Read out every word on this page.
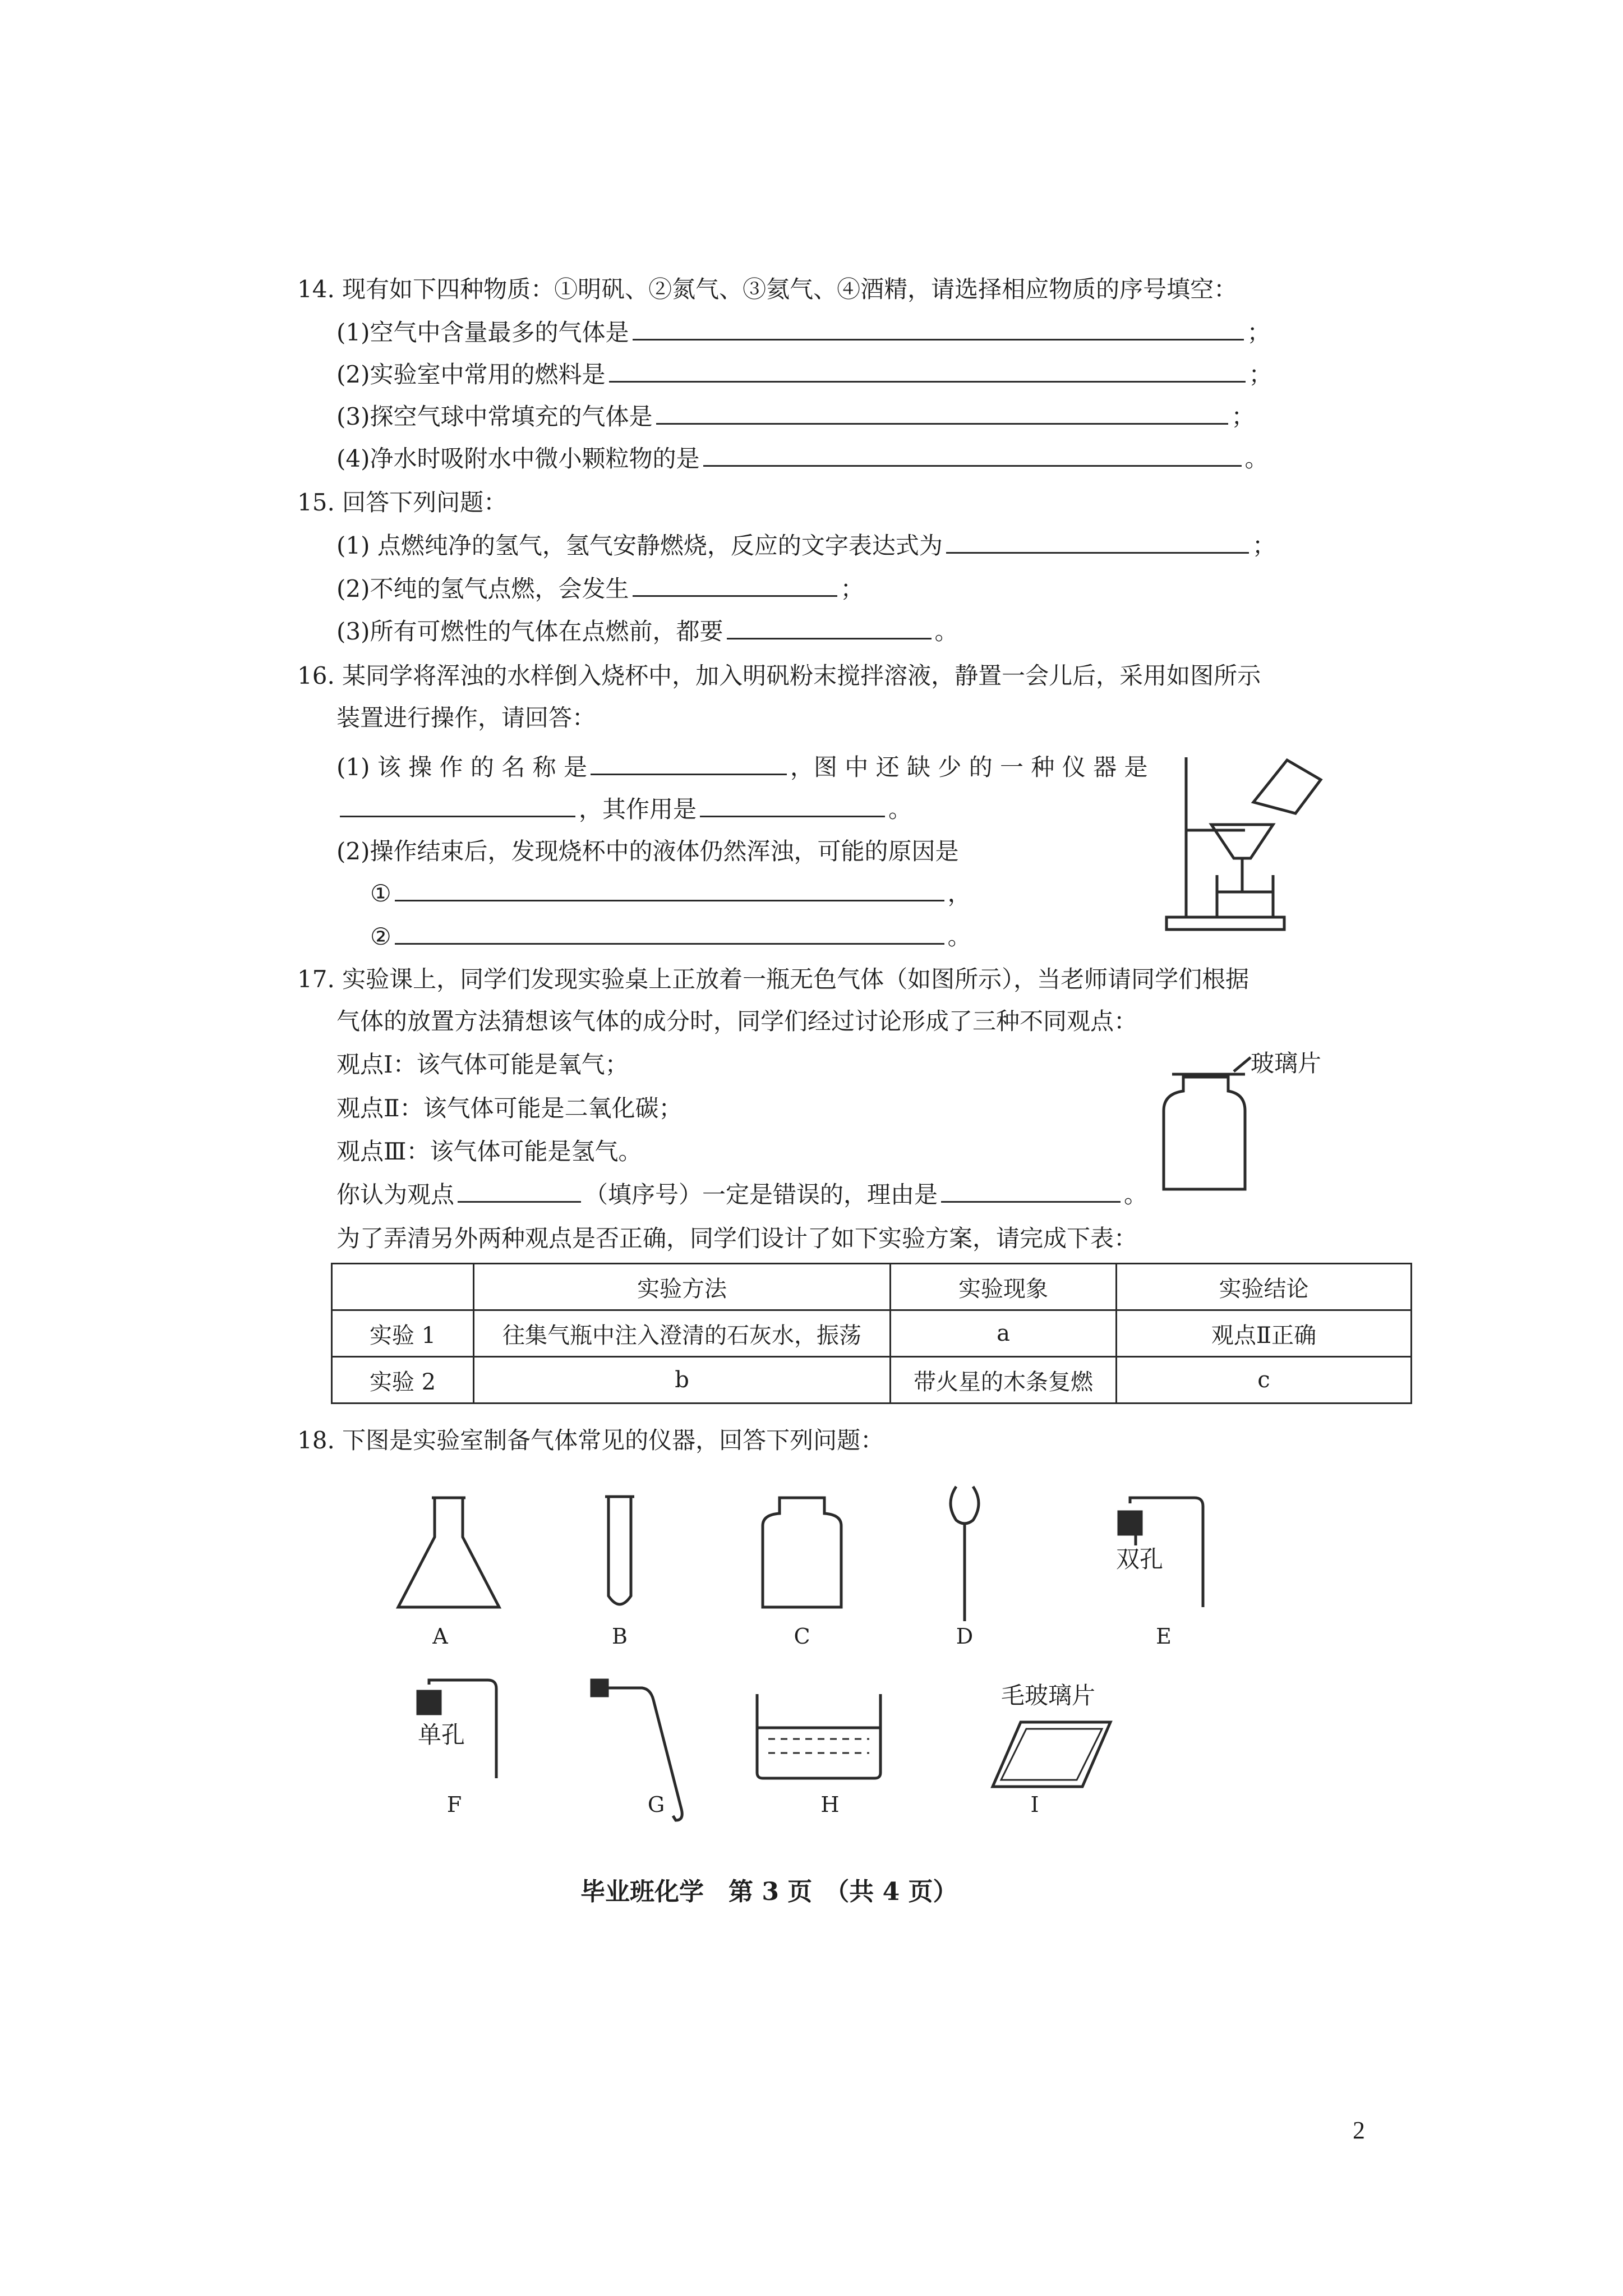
14. 现有如下四种物质：①明矾、②氮气、③氦气、④酒精，请选择相应物质的序号填空：
(1)空气中含量最多的气体是	；
(2)实验室中常用的燃料是	；
(3)探空气球中常填充的气体是	；
(4)净水时吸附水中微小颗粒物的是	。
15. 回答下列问题：
(1) 点燃纯净的氢气，氢气安静燃烧，反应的文字表达式为	；
(2)不纯的氢气点燃，会发生	；
(3)所有可燃性的气体在点燃前，都要	。
16. 某同学将浑浊的水样倒入烧杯中，加入明矾粉末搅拌溶液，静置一会儿后，采用如图所示
装置进行操作，请回答：
(1) 该 操 作 的 名 称 是	，图 中 还 缺 少 的 一 种 仪 器 是
，其作用是	。
(2)操作结束后，发现烧杯中的液体仍然浑浊，可能的原因是
①	，
②	。
17. 实验课上，同学们发现实验桌上正放着一瓶无色气体（如图所示），当老师请同学们根据
气体的放置方法猜想该气体的成分时，同学们经过讨论形成了三种不同观点：
观点Ⅰ：该气体可能是氧气；
观点Ⅱ：该气体可能是二氧化碳；
观点Ⅲ：该气体可能是氢气。
你认为观点	（填序号）一定是错误的，理由是	。
为了弄清另外两种观点是否正确，同学们设计了如下实验方案，请完成下表：
玻璃片
	实验方法	实验现象	实验结论
实验 1	往集气瓶中注入澄清的石灰水，振荡	a	观点Ⅱ正确
实验 2	b	带火星的木条复燃	c
18. 下图是实验室制备气体常见的仪器，回答下列问题：
双孔
A	B	C	D	E
单孔
毛玻璃片
F	G	H	I
毕业班化学　第 3 页　（共 4 页）
2
